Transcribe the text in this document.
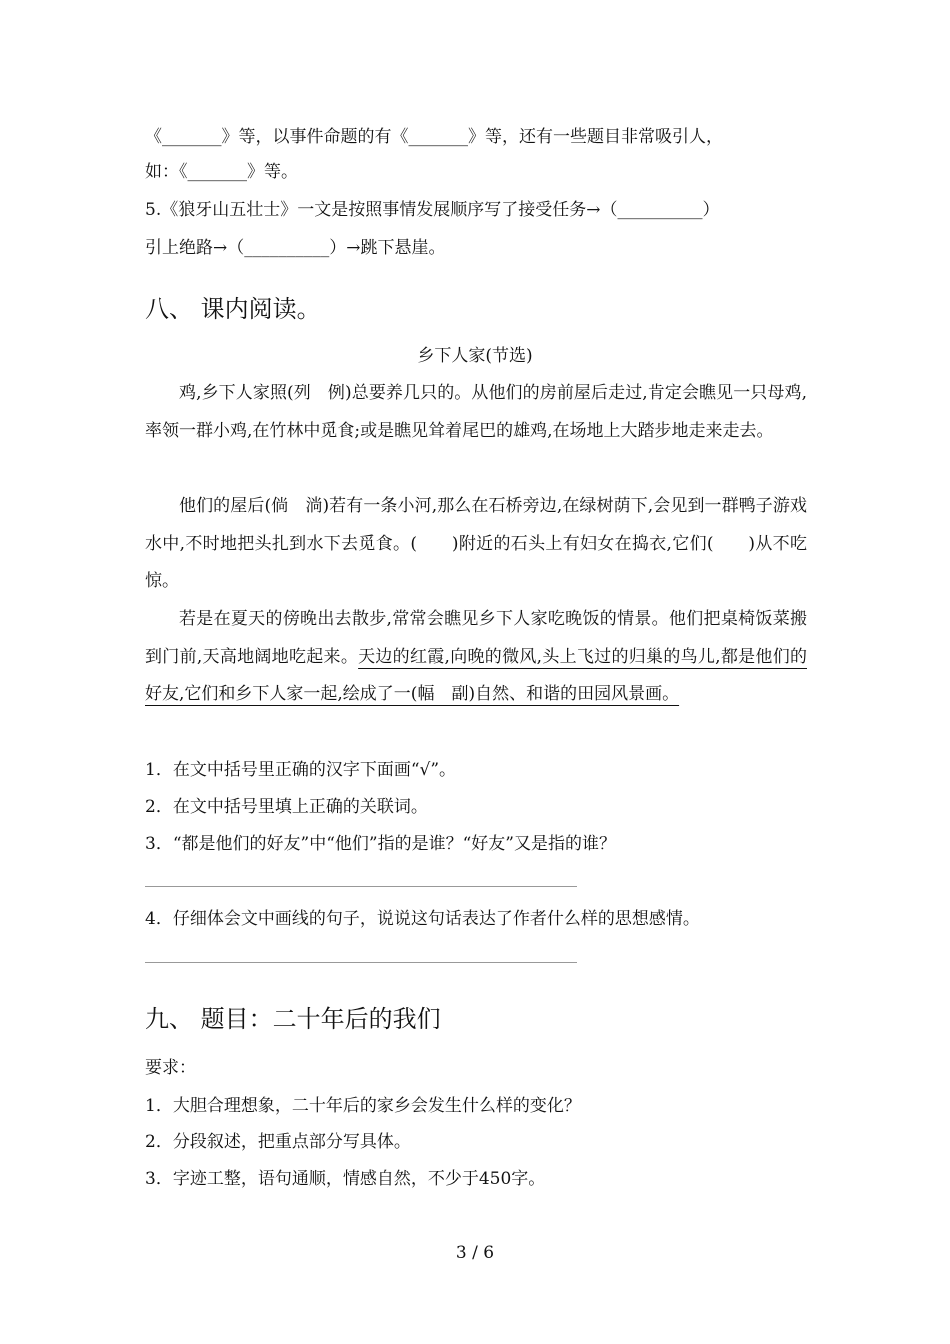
《_______》等，以事件命题的有《_______》等，还有一些题目非常吸引人，
如：《_______》等。
5.《狼牙山五壮士》一文是按照事情发展顺序写了接受任务→（__________）
引上绝路→（__________）→跳下悬崖。
八、 课内阅读。
乡下人家(节选)
鸡,乡下人家照(列　例)总要养几只的。从他们的房前屋后走过,肯定会瞧见一只母鸡,率领一群小鸡,在竹林中觅食;或是瞧见耸着尾巴的雄鸡,在场地上大踏步地走来走去。
他们的屋后(倘　淌)若有一条小河,那么在石桥旁边,在绿树荫下,会见到一群鸭子游戏水中,不时地把头扎到水下去觅食。(　　)附近的石头上有妇女在捣衣,它们(　　)从不吃惊。
若是在夏天的傍晚出去散步,常常会瞧见乡下人家吃晚饭的情景。他们把桌椅饭菜搬到门前,天高地阔地吃起来。天边的红霞,向晚的微风,头上飞过的归巢的鸟儿,都是他们的好友,它们和乡下人家一起,绘成了一(幅　副)自然、和谐的田园风景画。
1．在文中括号里正确的汉字下面画“√”。
2．在文中括号里填上正确的关联词。
3．“都是他们的好友”中“他们”指的是谁？“好友”又是指的谁？
4．仔细体会文中画线的句子，说说这句话表达了作者什么样的思想感情。
九、 题目：二十年后的我们
要求：
1．大胆合理想象，二十年后的家乡会发生什么样的变化？
2．分段叙述，把重点部分写具体。
3．字迹工整，语句通顺，情感自然，不少于450字。
3 / 6
